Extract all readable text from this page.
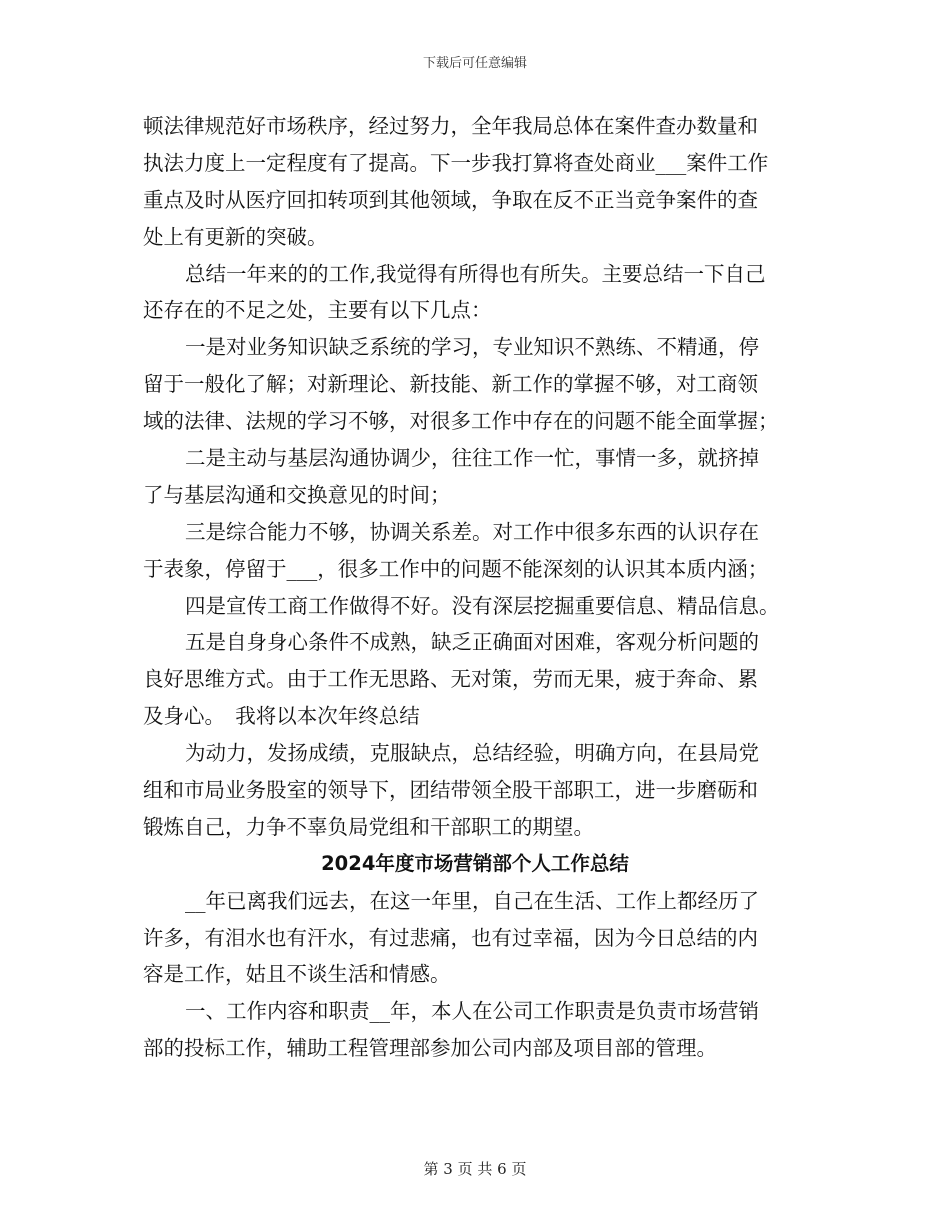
下载后可任意编辑
顿法律规范好市场秩序，经过努力，全年我局总体在案件查办数量和
执法力度上一定程度有了提高。下一步我打算将查处商业___案件工作
重点及时从医疗回扣转项到其他领域，争取在反不正当竞争案件的查
处上有更新的突破。
总结一年来的的工作,我觉得有所得也有所失。主要总结一下自己
还存在的不足之处，主要有以下几点：
一是对业务知识缺乏系统的学习，专业知识不熟练、不精通，停
留于一般化了解；对新理论、新技能、新工作的掌握不够，对工商领
域的法律、法规的学习不够，对很多工作中存在的问题不能全面掌握；
二是主动与基层沟通协调少，往往工作一忙，事情一多，就挤掉
了与基层沟通和交换意见的时间；
三是综合能力不够，协调关系差。对工作中很多东西的认识存在
于表象，停留于___，很多工作中的问题不能深刻的认识其本质内涵；
四是宣传工商工作做得不好。没有深层挖掘重要信息、精品信息。
五是自身身心条件不成熟，缺乏正确面对困难，客观分析问题的
良好思维方式。由于工作无思路、无对策，劳而无果，疲于奔命、累
及身心。　我将以本次年终总结
为动力，发扬成绩，克服缺点，总结经验，明确方向，在县局党
组和市局业务股室的领导下，团结带领全股干部职工，进一步磨砺和
锻炼自己，力争不辜负局党组和干部职工的期望。
2024年度市场营销部个人工作总结
__年已离我们远去，在这一年里，自己在生活、工作上都经历了
许多，有泪水也有汗水，有过悲痛，也有过幸福，因为今日总结的内
容是工作，姑且不谈生活和情感。
一、工作内容和职责__年，本人在公司工作职责是负责市场营销
部的投标工作，辅助工程管理部参加公司内部及项目部的管理。
第 3 页 共 6 页
